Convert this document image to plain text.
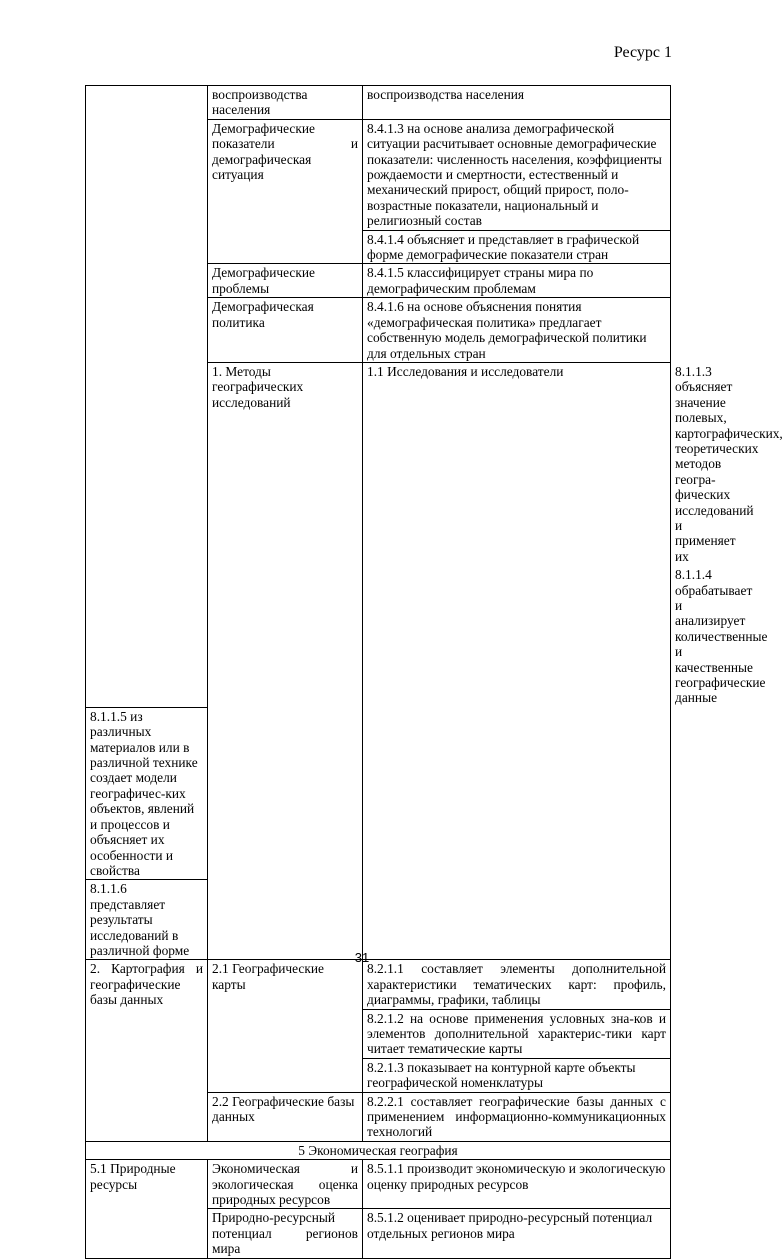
Ресурс 1
	воспроизводства населения	воспроизводства населения	
	Демографические показатели и демографическая ситуация	8.4.1.3 на основе анализа демографической ситуации расчитывает основные демографические показатели: численность населения, коэффициенты рождаемости и смертности, естественный и механический прирост, общий прирост, поло-возрастные показатели, национальный и религиозный состав	
		8.4.1.4 объясняет и представляет в графической форме демографические показатели стран	
	Демографические проблемы	8.4.1.5 классифицирует страны мира по демографическим проблемам	
	Демографическая политика	8.4.1.6 на основе объяснения понятия «демографическая политика» предлагает собственную модель демографической политики для отдельных стран	
	1. Методы географических исследований	1.1 Исследования и исследователи	8.1.1.3 объясняет значение полевых, картографических, теоретических методов геогра-фических исследований и применяет их
			8.1.1.4 обрабатывает и анализирует количественные и качественные географические данные
8.1.1.5 из различных материалов или в различной технике создает модели географичес-ких объектов, явлений и процессов и объясняет их особенности и свойства			
8.1.1.6 представляет результаты исследований в различной форме			
2. Картография и географические базы данных	2.1 Географические карты	8.2.1.1 составляет элементы дополнительной характеристики тематических карт: профиль, диаграммы, графики, таблицы	
		8.2.1.2 на основе применения условных зна-ков и элементов дополнительной характерис-тики карт читает тематические карты	
		8.2.1.3 показывает на контурной карте объекты географической номенклатуры	
	2.2 Географические базы данных	8.2.2.1 составляет географические базы данных с применением информационно-коммуникационных технологий	
5 Экономическая география			
5.1 Природные ресурсы	Экономическая и экологическая оценка природных ресурсов	8.5.1.1 производит экономическую и экологическую оценку природных ресурсов	
	Природно-ресурсный потенциал регионов мира	8.5.1.2 оценивает природно-ресурсный потенциал отдельных регионов мира	
31
